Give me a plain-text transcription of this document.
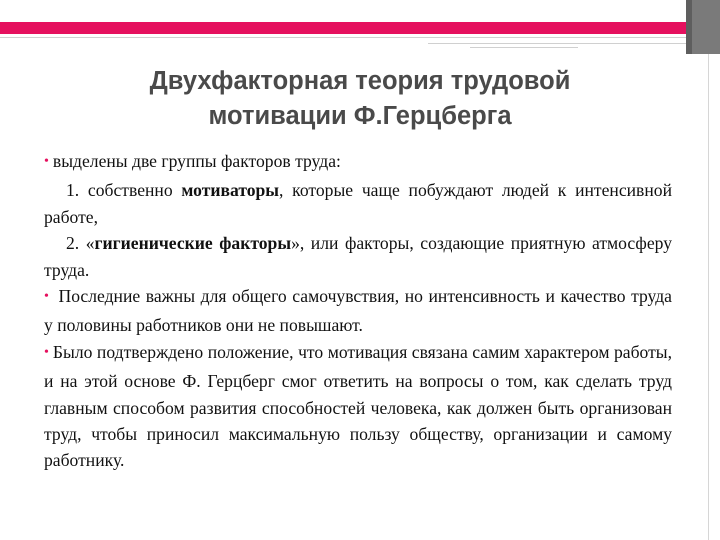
Двухфакторная теория трудовой
мотивации Ф.Герцберга

• выделены две группы факторов труда:

1. собственно мотиваторы, которые чаще побуждают людей к интенсивной работе,

2. «гигиенические факторы», или факторы, создающие приятную атмосферу труда.

• Последние важны для общего самочувствия, но интенсивность и качество труда у половины работников они не повышают.

• Было подтверждено положение, что мотивация связана самим характером работы, и на этой основе Ф. Герцберг смог ответить на вопросы о том, как сделать труд главным способом развития способностей человека, как должен быть организован труд, чтобы приносил максимальную пользу обществу, организации и самому работнику.
